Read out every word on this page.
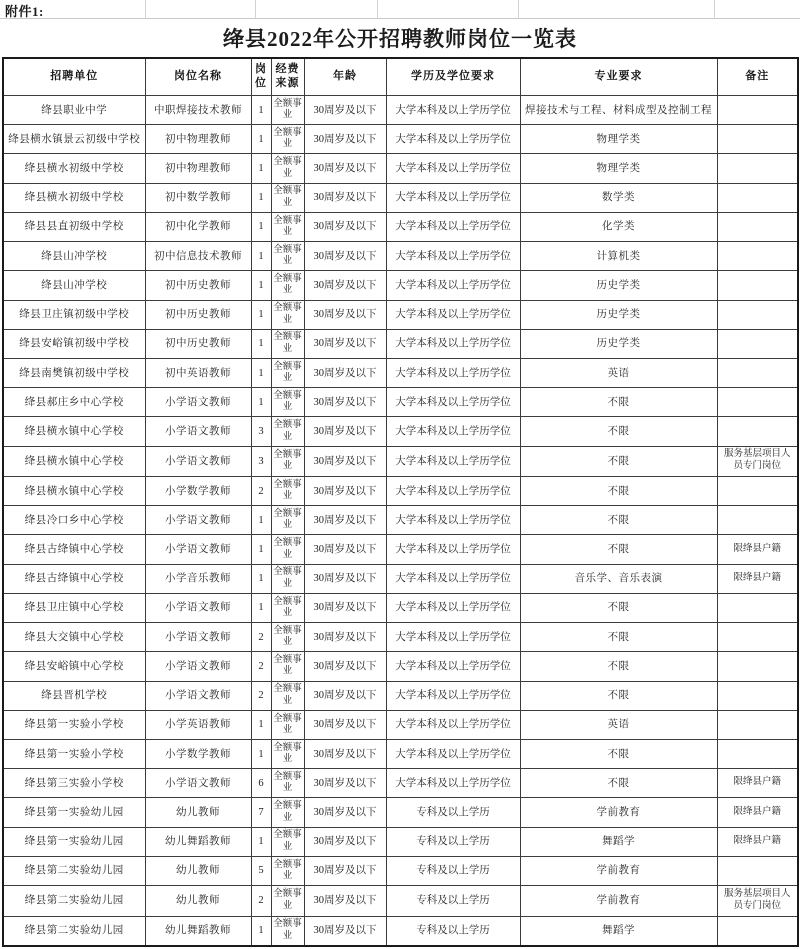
附件1:
绛县2022年公开招聘教师岗位一览表
招聘单位	岗位名称	岗位	经费来源	年龄	学历及学位要求	专业要求	备注
绛县职业中学	中职焊接技术教师	1	全额事业	30周岁及以下	大学本科及以上学历学位	焊接技术与工程、材料成型及控制工程	
绛县横水镇景云初级中学校	初中物理教师	1	全额事业	30周岁及以下	大学本科及以上学历学位	物理学类	
绛县横水初级中学校	初中物理教师	1	全额事业	30周岁及以下	大学本科及以上学历学位	物理学类	
绛县横水初级中学校	初中数学教师	1	全额事业	30周岁及以下	大学本科及以上学历学位	数学类	
绛县县直初级中学校	初中化学教师	1	全额事业	30周岁及以下	大学本科及以上学历学位	化学类	
绛县山冲学校	初中信息技术教师	1	全额事业	30周岁及以下	大学本科及以上学历学位	计算机类	
绛县山冲学校	初中历史教师	1	全额事业	30周岁及以下	大学本科及以上学历学位	历史学类	
绛县卫庄镇初级中学校	初中历史教师	1	全额事业	30周岁及以下	大学本科及以上学历学位	历史学类	
绛县安峪镇初级中学校	初中历史教师	1	全额事业	30周岁及以下	大学本科及以上学历学位	历史学类	
绛县南樊镇初级中学校	初中英语教师	1	全额事业	30周岁及以下	大学本科及以上学历学位	英语	
绛县郝庄乡中心学校	小学语文教师	1	全额事业	30周岁及以下	大学本科及以上学历学位	不限	
绛县横水镇中心学校	小学语文教师	3	全额事业	30周岁及以下	大学本科及以上学历学位	不限	
绛县横水镇中心学校	小学语文教师	3	全额事业	30周岁及以下	大学本科及以上学历学位	不限	服务基层项目人员专门岗位
绛县横水镇中心学校	小学数学教师	2	全额事业	30周岁及以下	大学本科及以上学历学位	不限	
绛县冷口乡中心学校	小学语文教师	1	全额事业	30周岁及以下	大学本科及以上学历学位	不限	
绛县古绛镇中心学校	小学语文教师	1	全额事业	30周岁及以下	大学本科及以上学历学位	不限	限绛县户籍
绛县古绛镇中心学校	小学音乐教师	1	全额事业	30周岁及以下	大学本科及以上学历学位	音乐学、音乐表演	限绛县户籍
绛县卫庄镇中心学校	小学语文教师	1	全额事业	30周岁及以下	大学本科及以上学历学位	不限	
绛县大交镇中心学校	小学语文教师	2	全额事业	30周岁及以下	大学本科及以上学历学位	不限	
绛县安峪镇中心学校	小学语文教师	2	全额事业	30周岁及以下	大学本科及以上学历学位	不限	
绛县晋机学校	小学语文教师	2	全额事业	30周岁及以下	大学本科及以上学历学位	不限	
绛县第一实验小学校	小学英语教师	1	全额事业	30周岁及以下	大学本科及以上学历学位	英语	
绛县第一实验小学校	小学数学教师	1	全额事业	30周岁及以下	大学本科及以上学历学位	不限	
绛县第三实验小学校	小学语文教师	6	全额事业	30周岁及以下	大学本科及以上学历学位	不限	限绛县户籍
绛县第一实验幼儿园	幼儿教师	7	全额事业	30周岁及以下	专科及以上学历	学前教育	限绛县户籍
绛县第一实验幼儿园	幼儿舞蹈教师	1	全额事业	30周岁及以下	专科及以上学历	舞蹈学	限绛县户籍
绛县第二实验幼儿园	幼儿教师	5	全额事业	30周岁及以下	专科及以上学历	学前教育	
绛县第二实验幼儿园	幼儿教师	2	全额事业	30周岁及以下	专科及以上学历	学前教育	服务基层项目人员专门岗位
绛县第二实验幼儿园	幼儿舞蹈教师	1	全额事业	30周岁及以下	专科及以上学历	舞蹈学	
